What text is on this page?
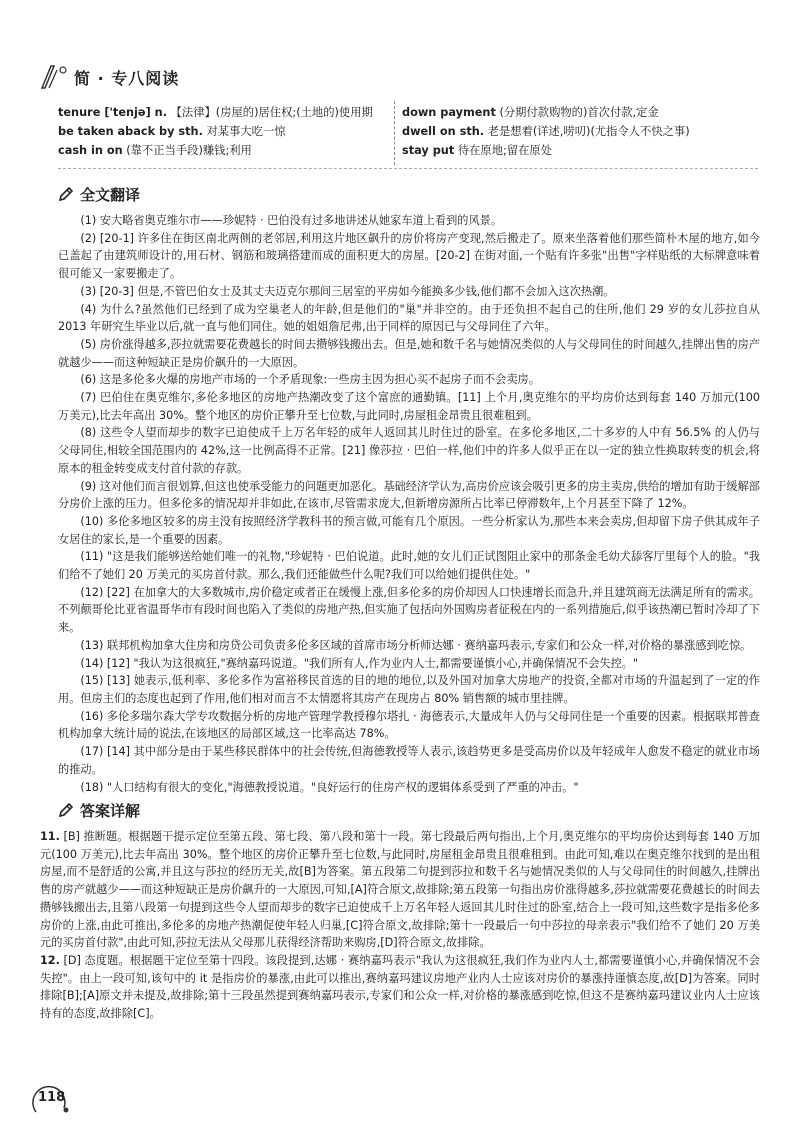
简 · 专八阅读
tenure ['tenjə] n. 【法律】(房屋的)居住权;(土地的)使用期
be taken aback by sth. 对某事大吃一惊
cash in on (靠不正当手段)赚钱;利用
down payment (分期付款购物的)首次付款,定金
dwell on sth. 老是想着(详述,唠叨)(尤指令人不快之事)
stay put 待在原地;留在原处
全文翻译

(1) 安大略省奥克维尔市——珍妮特 · 巴伯没有过多地讲述从她家车道上看到的风景。

(2) [20-1] 许多住在街区南北两侧的老邻居,利用这片地区飙升的房价将房产变现,然后搬走了。原来坐落着他们那些简朴木屋的地方,如今已盖起了由建筑师设计的,用石材、钢筋和玻璃搭建而成的面积更大的房屋。[20-2] 在街对面,一个贴有许多张"出售"字样贴纸的大标牌意味着很可能又一家要搬走了。

(3) [20-3] 但是,不管巴伯女士及其丈夫迈克尔那间三居室的平房如今能换多少钱,他们都不会加入这次热潮。

(4) 为什么?虽然他们已经到了成为空巢老人的年龄,但是他们的"巢"并非空的。由于还负担不起自己的住所,他们 29 岁的女儿莎拉自从 2013 年研究生毕业以后,就一直与他们同住。她的姐姐詹尼弗,出于同样的原因已与父母同住了六年。

(5) 房价涨得越多,莎拉就需要花费越长的时间去攒够钱搬出去。但是,她和数千名与她情况类似的人与父母同住的时间越久,挂牌出售的房产就越少——而这种短缺正是房价飙升的一大原因。

(6) 这是多伦多火爆的房地产市场的一个矛盾现象:一些房主因为担心买不起房子而不会卖房。

(7) 巴伯住在奥克维尔,多伦多地区的房地产热潮改变了这个富庶的通勤镇。[11] 上个月,奥克维尔的平均房价达到每套 140 万加元(100 万美元),比去年高出 30%。整个地区的房价正攀升至七位数,与此同时,房屋租金昂贵且很难租到。

(8) 这些令人望而却步的数字已迫使成千上万名年轻的成年人返回其儿时住过的卧室。在多伦多地区,二十多岁的人中有 56.5% 的人仍与父母同住,相较全国范围内的 42%,这一比例高得不正常。[21] 像莎拉 · 巴伯一样,他们中的许多人似乎正在以一定的独立性换取转变的机会,将原本的租金转变成支付首付款的存款。

(9) 这对他们而言很划算,但这也使承受能力的问题更加恶化。基础经济学认为,高房价应该会吸引更多的房主卖房,供给的增加有助于缓解部分房价上涨的压力。但多伦多的情况却并非如此,在该市,尽管需求庞大,但新增房源所占比率已停滞数年,上个月甚至下降了 12%。

(10) 多伦多地区较多的房主没有按照经济学教科书的预言做,可能有几个原因。一些分析家认为,那些本来会卖房,但却留下房子供其成年子女居住的家长,是一个重要的因素。

(11) "这是我们能够送给她们唯一的礼物,"珍妮特 · 巴伯说道。此时,她的女儿们正试图阻止家中的那条金毛幼犬舔客厅里每个人的脸。"我们给不了她们 20 万美元的买房首付款。那么,我们还能做些什么呢?我们可以给她们提供住处。"

(12) [22] 在加拿大的大多数城市,房价稳定或者正在缓慢上涨,但多伦多的房价却因人口快速增长而急升,并且建筑商无法满足所有的需求。不列颠哥伦比亚省温哥华市有段时间也陷入了类似的房地产热,但实施了包括向外国购房者征税在内的一系列措施后,似乎该热潮已暂时冷却了下来。

(13) 联邦机构加拿大住房和房贷公司负责多伦多区域的首席市场分析师达娜 · 赛纳嘉玛表示,专家们和公众一样,对价格的暴涨感到吃惊。

(14) [12] "我认为这很疯狂,"赛纳嘉玛说道。"我们所有人,作为业内人士,都需要谨慎小心,并确保情况不会失控。"

(15) [13] 她表示,低利率、多伦多作为富裕移民首选的目的地的地位,以及外国对加拿大房地产的投资,全都对市场的升温起到了一定的作用。但房主们的态度也起到了作用,他们相对而言不太情愿将其房产在现房占 80% 销售额的城市里挂牌。

(16) 多伦多瑞尔森大学专攻数据分析的房地产管理学教授穆尔塔扎 · 海德表示,大量成年人仍与父母同住是一个重要的因素。根据联邦普查机构加拿大统计局的说法,在该地区的局部区域,这一比率高达 78%。

(17) [14] 其中部分是由于某些移民群体中的社会传统,但海德教授等人表示,该趋势更多是受高房价以及年轻成年人愈发不稳定的就业市场的推动。

(18) "人口结构有很大的变化,"海德教授说道。"良好运行的住房产权的逻辑体系受到了严重的冲击。"

答案详解

11. [B] 推断题。根据题干提示定位至第五段、第七段、第八段和第十一段。第七段最后两句指出,上个月,奥克维尔的平均房价达到每套 140 万加元(100 万美元),比去年高出 30%。整个地区的房价正攀升至七位数,与此同时,房屋租金昂贵且很难租到。由此可知,难以在奥克维尔找到的是出租房屋,而不是舒适的公寓,并且这与莎拉的经历无关,故[B]为答案。第五段第二句提到莎拉和数千名与她情况类似的人与父母同住的时间越久,挂牌出售的房产就越少——而这种短缺正是房价飙升的一大原因,可知,[A]符合原文,故排除;第五段第一句指出房价涨得越多,莎拉就需要花费越长的时间去攒够钱搬出去,且第八段第一句提到这些令人望而却步的数字已迫使成千上万名年轻人返回其儿时住过的卧室,结合上一段可知,这些数字是指多伦多房价的上涨,由此可推出,多伦多的房地产热潮促使年轻人归巢,[C]符合原文,故排除;第十一段最后一句中莎拉的母亲表示"我们给不了她们 20 万美元的买房首付款",由此可知,莎拉无法从父母那儿获得经济帮助来购房,[D]符合原文,故排除。

12. [D] 态度题。根据题干定位至第十四段。该段提到,达娜 · 赛纳嘉玛表示"我认为这很疯狂,我们作为业内人士,都需要谨慎小心,并确保情况不会失控"。由上一段可知,该句中的 it 是指房价的暴涨,由此可以推出,赛纳嘉玛建议房地产业内人士应该对房价的暴涨持谨慎态度,故[D]为答案。同时排除[B];[A]原文并未提及,故排除;第十三段虽然提到赛纳嘉玛表示,专家们和公众一样,对价格的暴涨感到吃惊,但这不是赛纳嘉玛建议业内人士应该持有的态度,故排除[C]。

118
